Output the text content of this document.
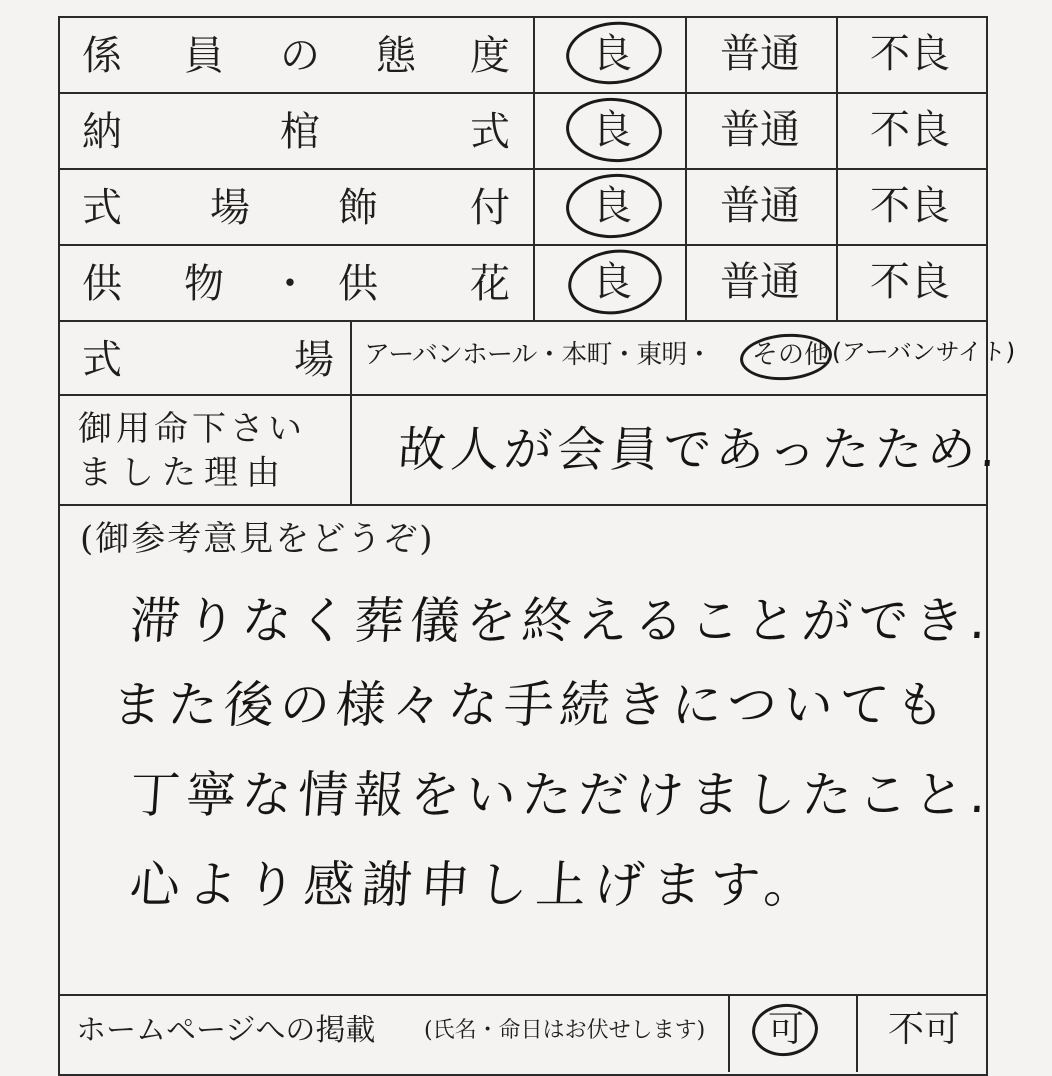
係 員 の 態 度 良 普通 不良
納	棺	式 良 普通 不良
式 場 飾 付 良 普通 不良
供 物 ・ 供 花 良 普通 不良
式	場 アーバンホール・本町・東明・ その他 (アーバンサイト)
御用命下さい
ました理由 故人が会員であったため.
(御参考意見をどうぞ)
滞りなく葬儀を終えることができ.
また後の様々な手続きについても
丁寧な情報をいただけましたこと.
心より感謝申し上げます。
ホームページへの掲載 (氏名・命日はお伏せします) 可 不可
